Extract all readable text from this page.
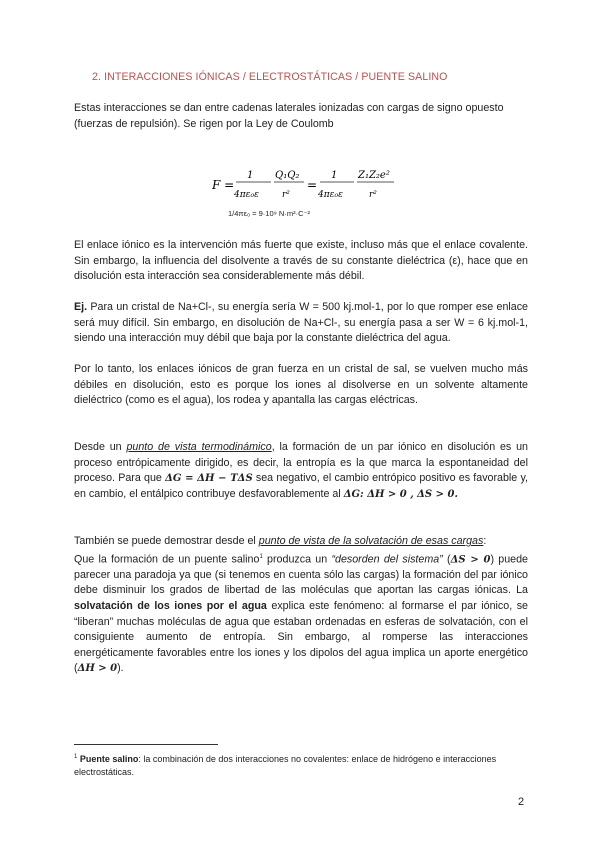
2. INTERACCIONES IÓNICAS / ELECTROSTÁTICAS / PUENTE SALINO

Estas interacciones se dan entre cadenas laterales ionizadas con cargas de signo opuesto (fuerzas de repulsión). Se rigen por la Ley de Coulomb

F =
1
4πε₀ε
Q₁Q₂
r²
=
1
4πε₀ε
Z₁Z₂e²
r²
1/4πε₀ = 9·10⁹ N·m²·C⁻²

El enlace iónico es la intervención más fuerte que existe, incluso más que el enlace covalente. Sin embargo, la influencia del disolvente a través de su constante dieléctrica (ε), hace que en disolución esta interacción sea considerablemente más débil.

Ej. Para un cristal de Na+Cl-, su energía sería W = 500 kj.mol-1, por lo que romper ese enlace será muy difícil. Sin embargo, en disolución de Na+Cl-, su energía pasa a ser W = 6 kj.mol-1, siendo una interacción muy débil que baja por la constante dieléctrica del agua.

Por lo tanto, los enlaces iónicos de gran fuerza en un cristal de sal, se vuelven mucho más débiles en disolución, esto es porque los iones al disolverse en un solvente altamente dieléctrico (como es el agua), los rodea y apantalla las cargas eléctricas.

Desde un punto de vista termodinámico, la formación de un par iónico en disolución es un proceso entrópicamente dirigido, es decir, la entropía es la que marca la espontaneidad del proceso. Para que ΔG = ΔH − TΔS sea negativo, el cambio entrópico positivo es favorable y, en cambio, el entálpico contribuye desfavorablemente al ΔG: ΔH > 0 , ΔS > 0.

También se puede demostrar desde el punto de vista de la solvatación de esas cargas:
Que la formación de un puente salino$^1$ produzca un “desorden del sistema” (ΔS > 0) puede parecer una paradoja ya que (si tenemos en cuenta sólo las cargas) la formación del par iónico debe disminuir los grados de libertad de las moléculas que aportan las cargas iónicas. La solvatación de los iones por el agua explica este fenómeno: al formarse el par iónico, se “liberan” muchas moléculas de agua que estaban ordenadas en esferas de solvatación, con el consiguiente aumento de entropía. Sin embargo, al romperse las interacciones energéticamente favorables entre los iones y los dipolos del agua implica un aporte energético (ΔH > 0).

$^1$ Puente salino: la combinación de dos interacciones no covalentes: enlace de hidrógeno e interacciones electrostáticas.
2
